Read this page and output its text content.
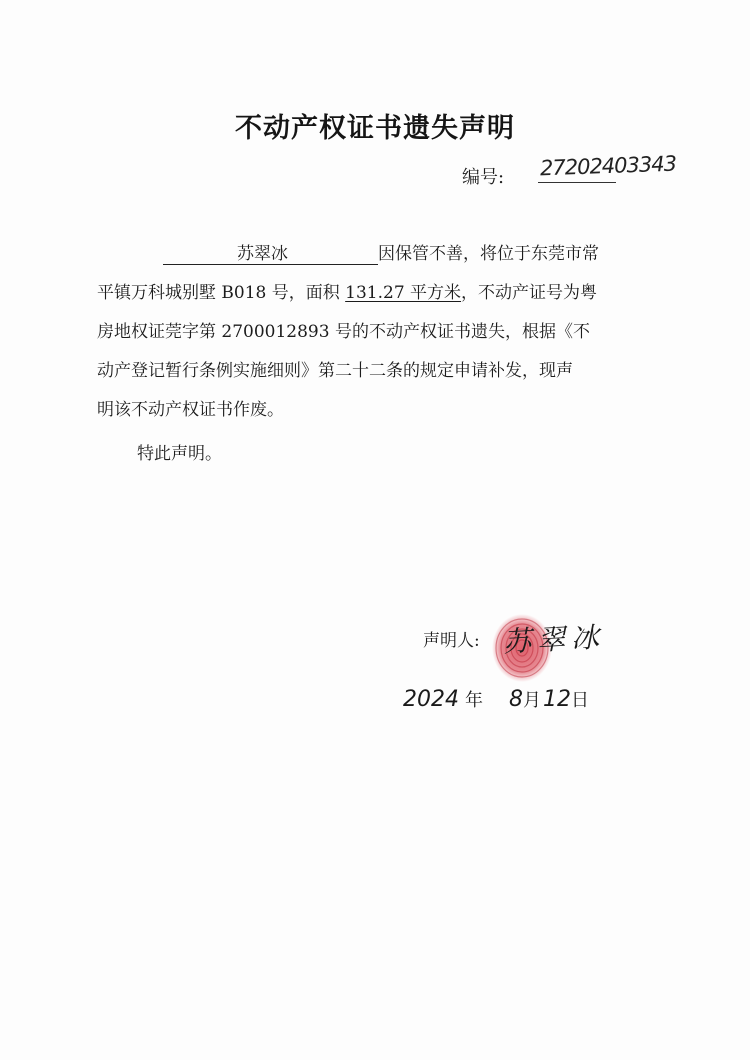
不动产权证书遗失声明
编号: 27202403343
苏翠冰	因保管不善，将位于东莞市常
平镇万科城别墅 B018 号，面积 131.27 平方米，不动产证号为粤
房地权证莞字第 2700012893 号的不动产权证书遗失，根据《不
动产登记暂行条例实施细则》第二十二条的规定申请补发，现声
明该不动产权证书作废。
特此声明。
声明人: 苏翠冰
2024 年 8月12日
